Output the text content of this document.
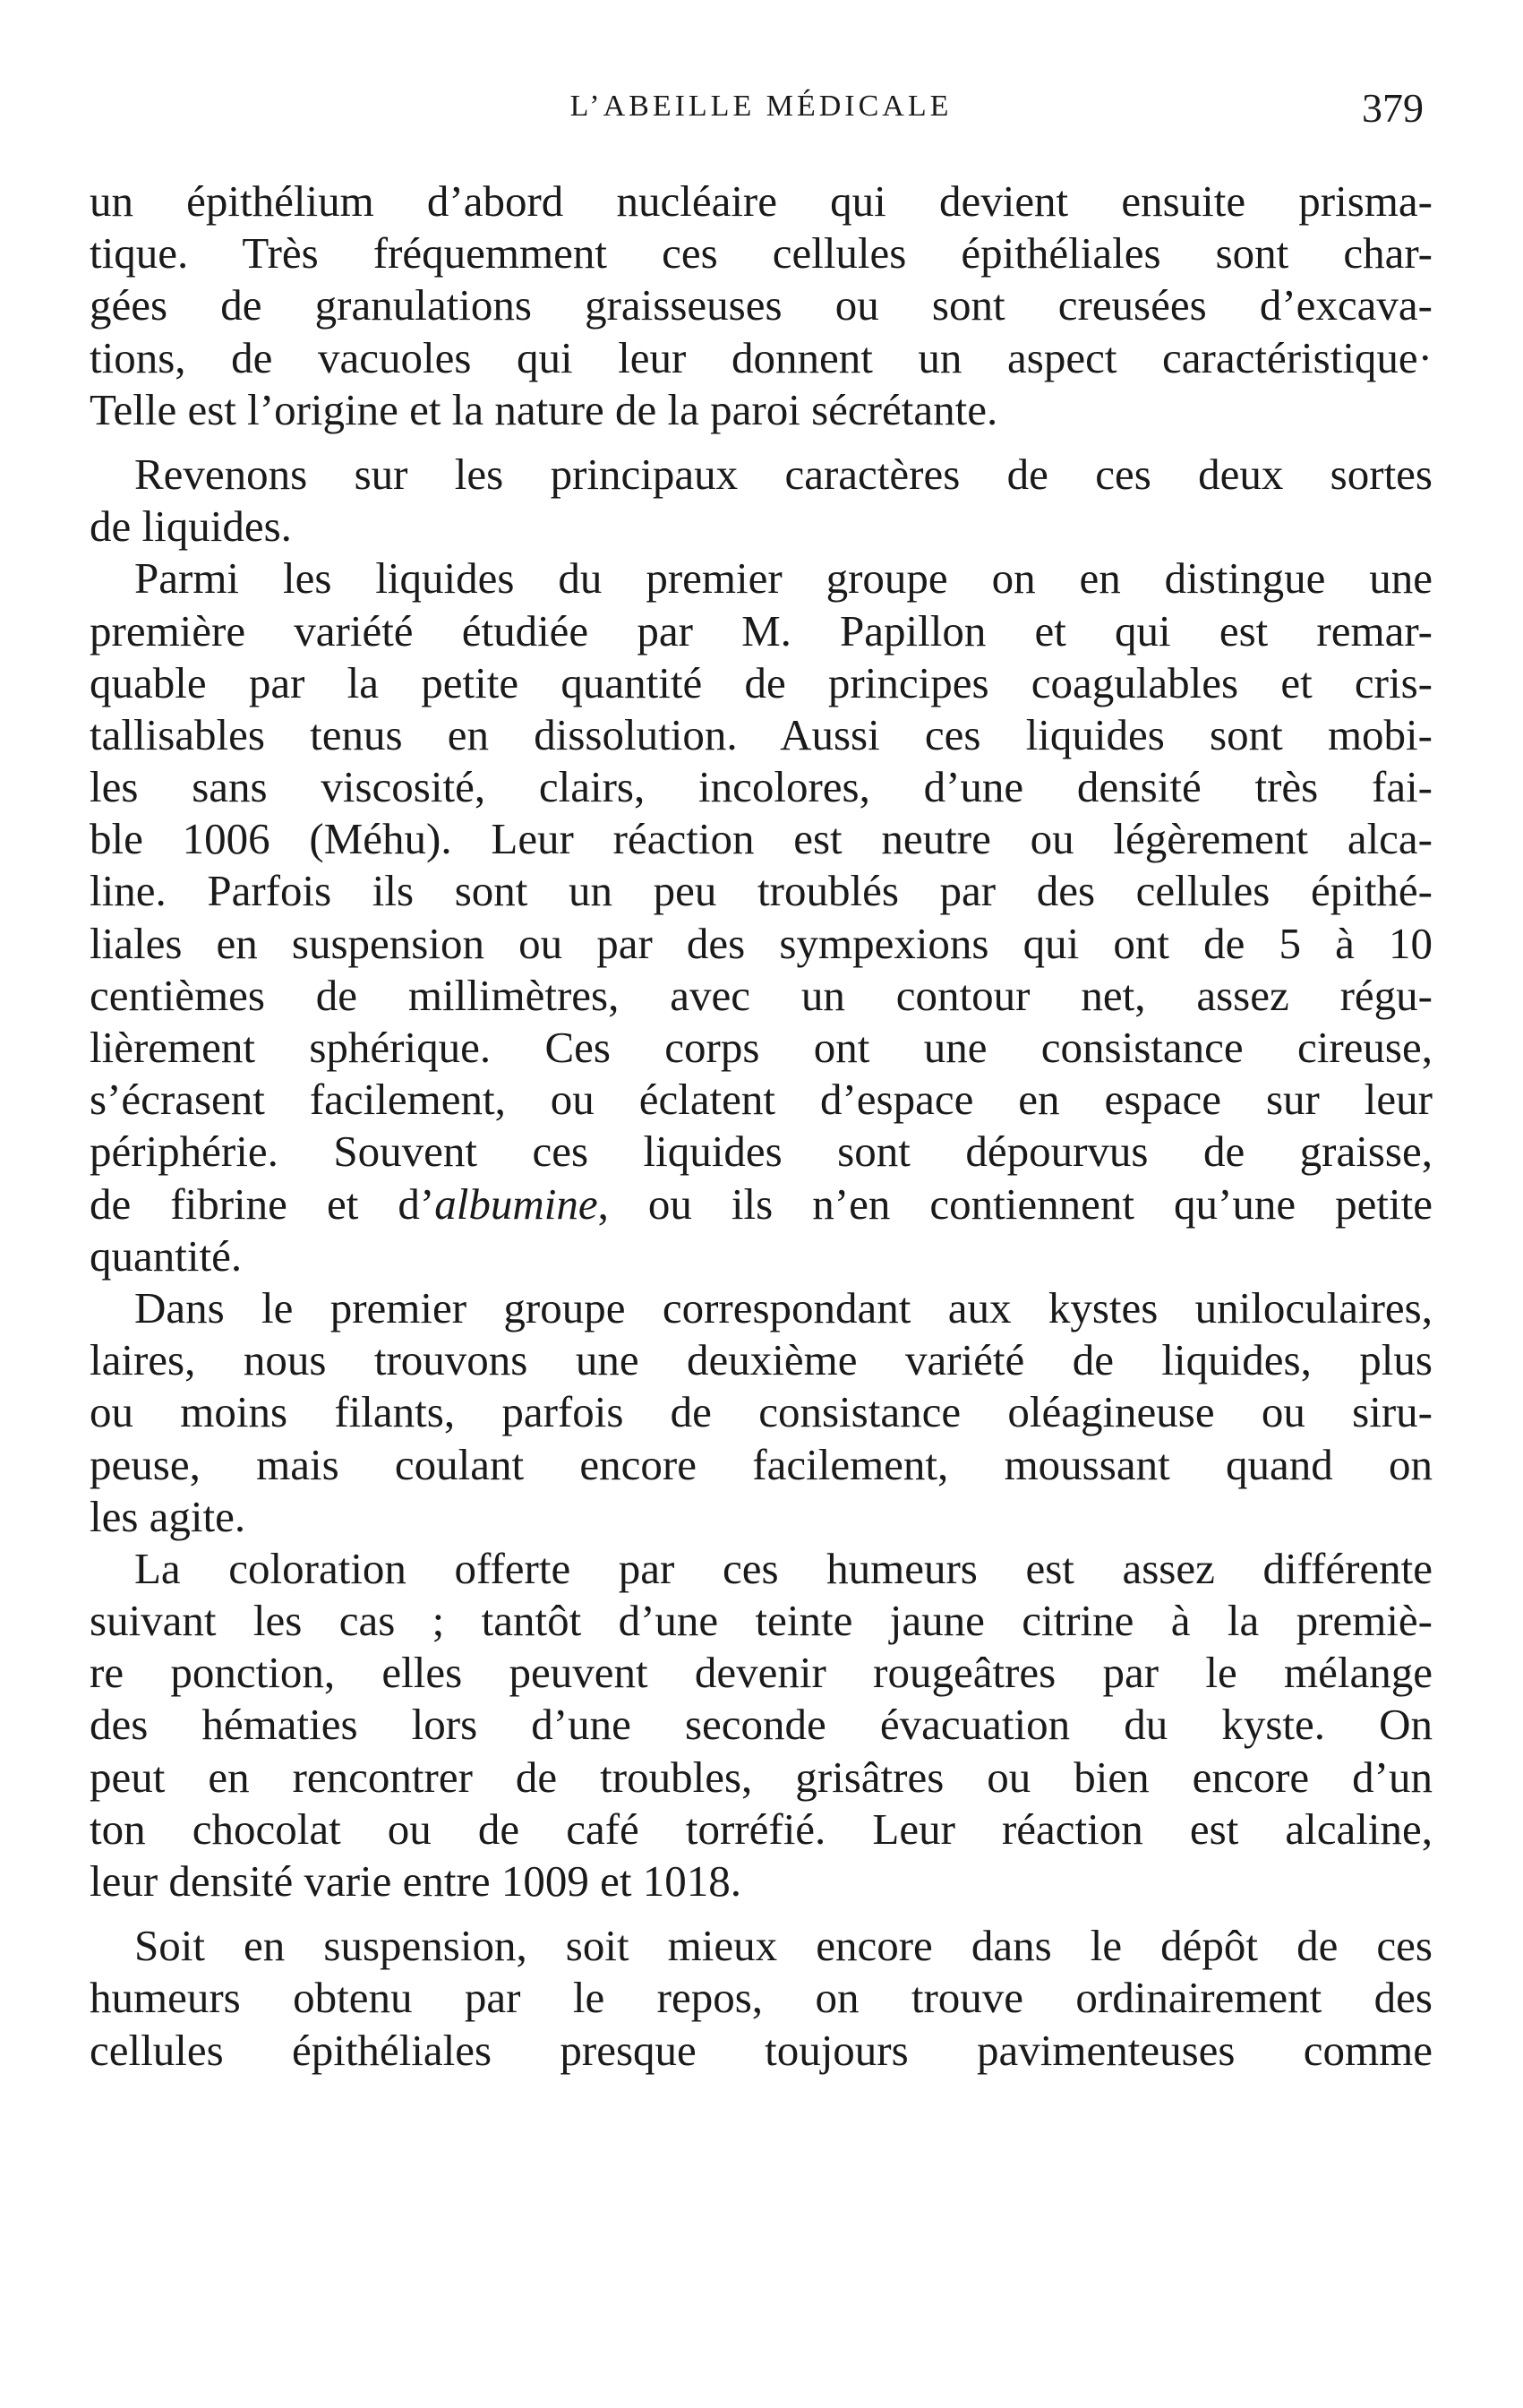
L’ABEILLE MÉDICALE	379
un épithélium d’abord nucléaire qui devient ensuite prisma-
tique. Très fréquemment ces cellules épithéliales sont char-
gées de granulations graisseuses ou sont creusées d’excava-
tions, de vacuoles qui leur donnent un aspect caractéristique·
Telle est l’origine et la nature de la paroi sécrétante.
Revenons sur les principaux caractères de ces deux sortes
de liquides.
Parmi les liquides du premier groupe on en distingue une
première variété étudiée par M. Papillon et qui est remar-
quable par la petite quantité de principes coagulables et cris-
tallisables tenus en dissolution. Aussi ces liquides sont mobi-
les sans viscosité, clairs, incolores, d’une densité très fai-
ble 1006 (Méhu). Leur réaction est neutre ou légèrement alca-
line. Parfois ils sont un peu troublés par des cellules épithé-
liales en suspension ou par des sympexions qui ont de 5 à 10
centièmes de millimètres, avec un contour net, assez régu-
lièrement sphérique. Ces corps ont une consistance cireuse,
s’écrasent facilement, ou éclatent d’espace en espace sur leur
périphérie. Souvent ces liquides sont dépourvus de graisse,
de fibrine et d’albumine, ou ils n’en contiennent qu’une petite
quantité.
Dans le premier groupe correspondant aux kystes uniloculaires,
laires, nous trouvons une deuxième variété de liquides, plus
ou moins filants, parfois de consistance oléagineuse ou siru-
peuse, mais coulant encore facilement, moussant quand on
les agite.
La coloration offerte par ces humeurs est assez différente
suivant les cas ; tantôt d’une teinte jaune citrine à la premiè-
re ponction, elles peuvent devenir rougeâtres par le mélange
des hématies lors d’une seconde évacuation du kyste. On
peut en rencontrer de troubles, grisâtres ou bien encore d’un
ton chocolat ou de café torréfié. Leur réaction est alcaline,
leur densité varie entre 1009 et 1018.
Soit en suspension, soit mieux encore dans le dépôt de ces
humeurs obtenu par le repos, on trouve ordinairement des
cellules épithéliales presque toujours pavimenteuses comme
